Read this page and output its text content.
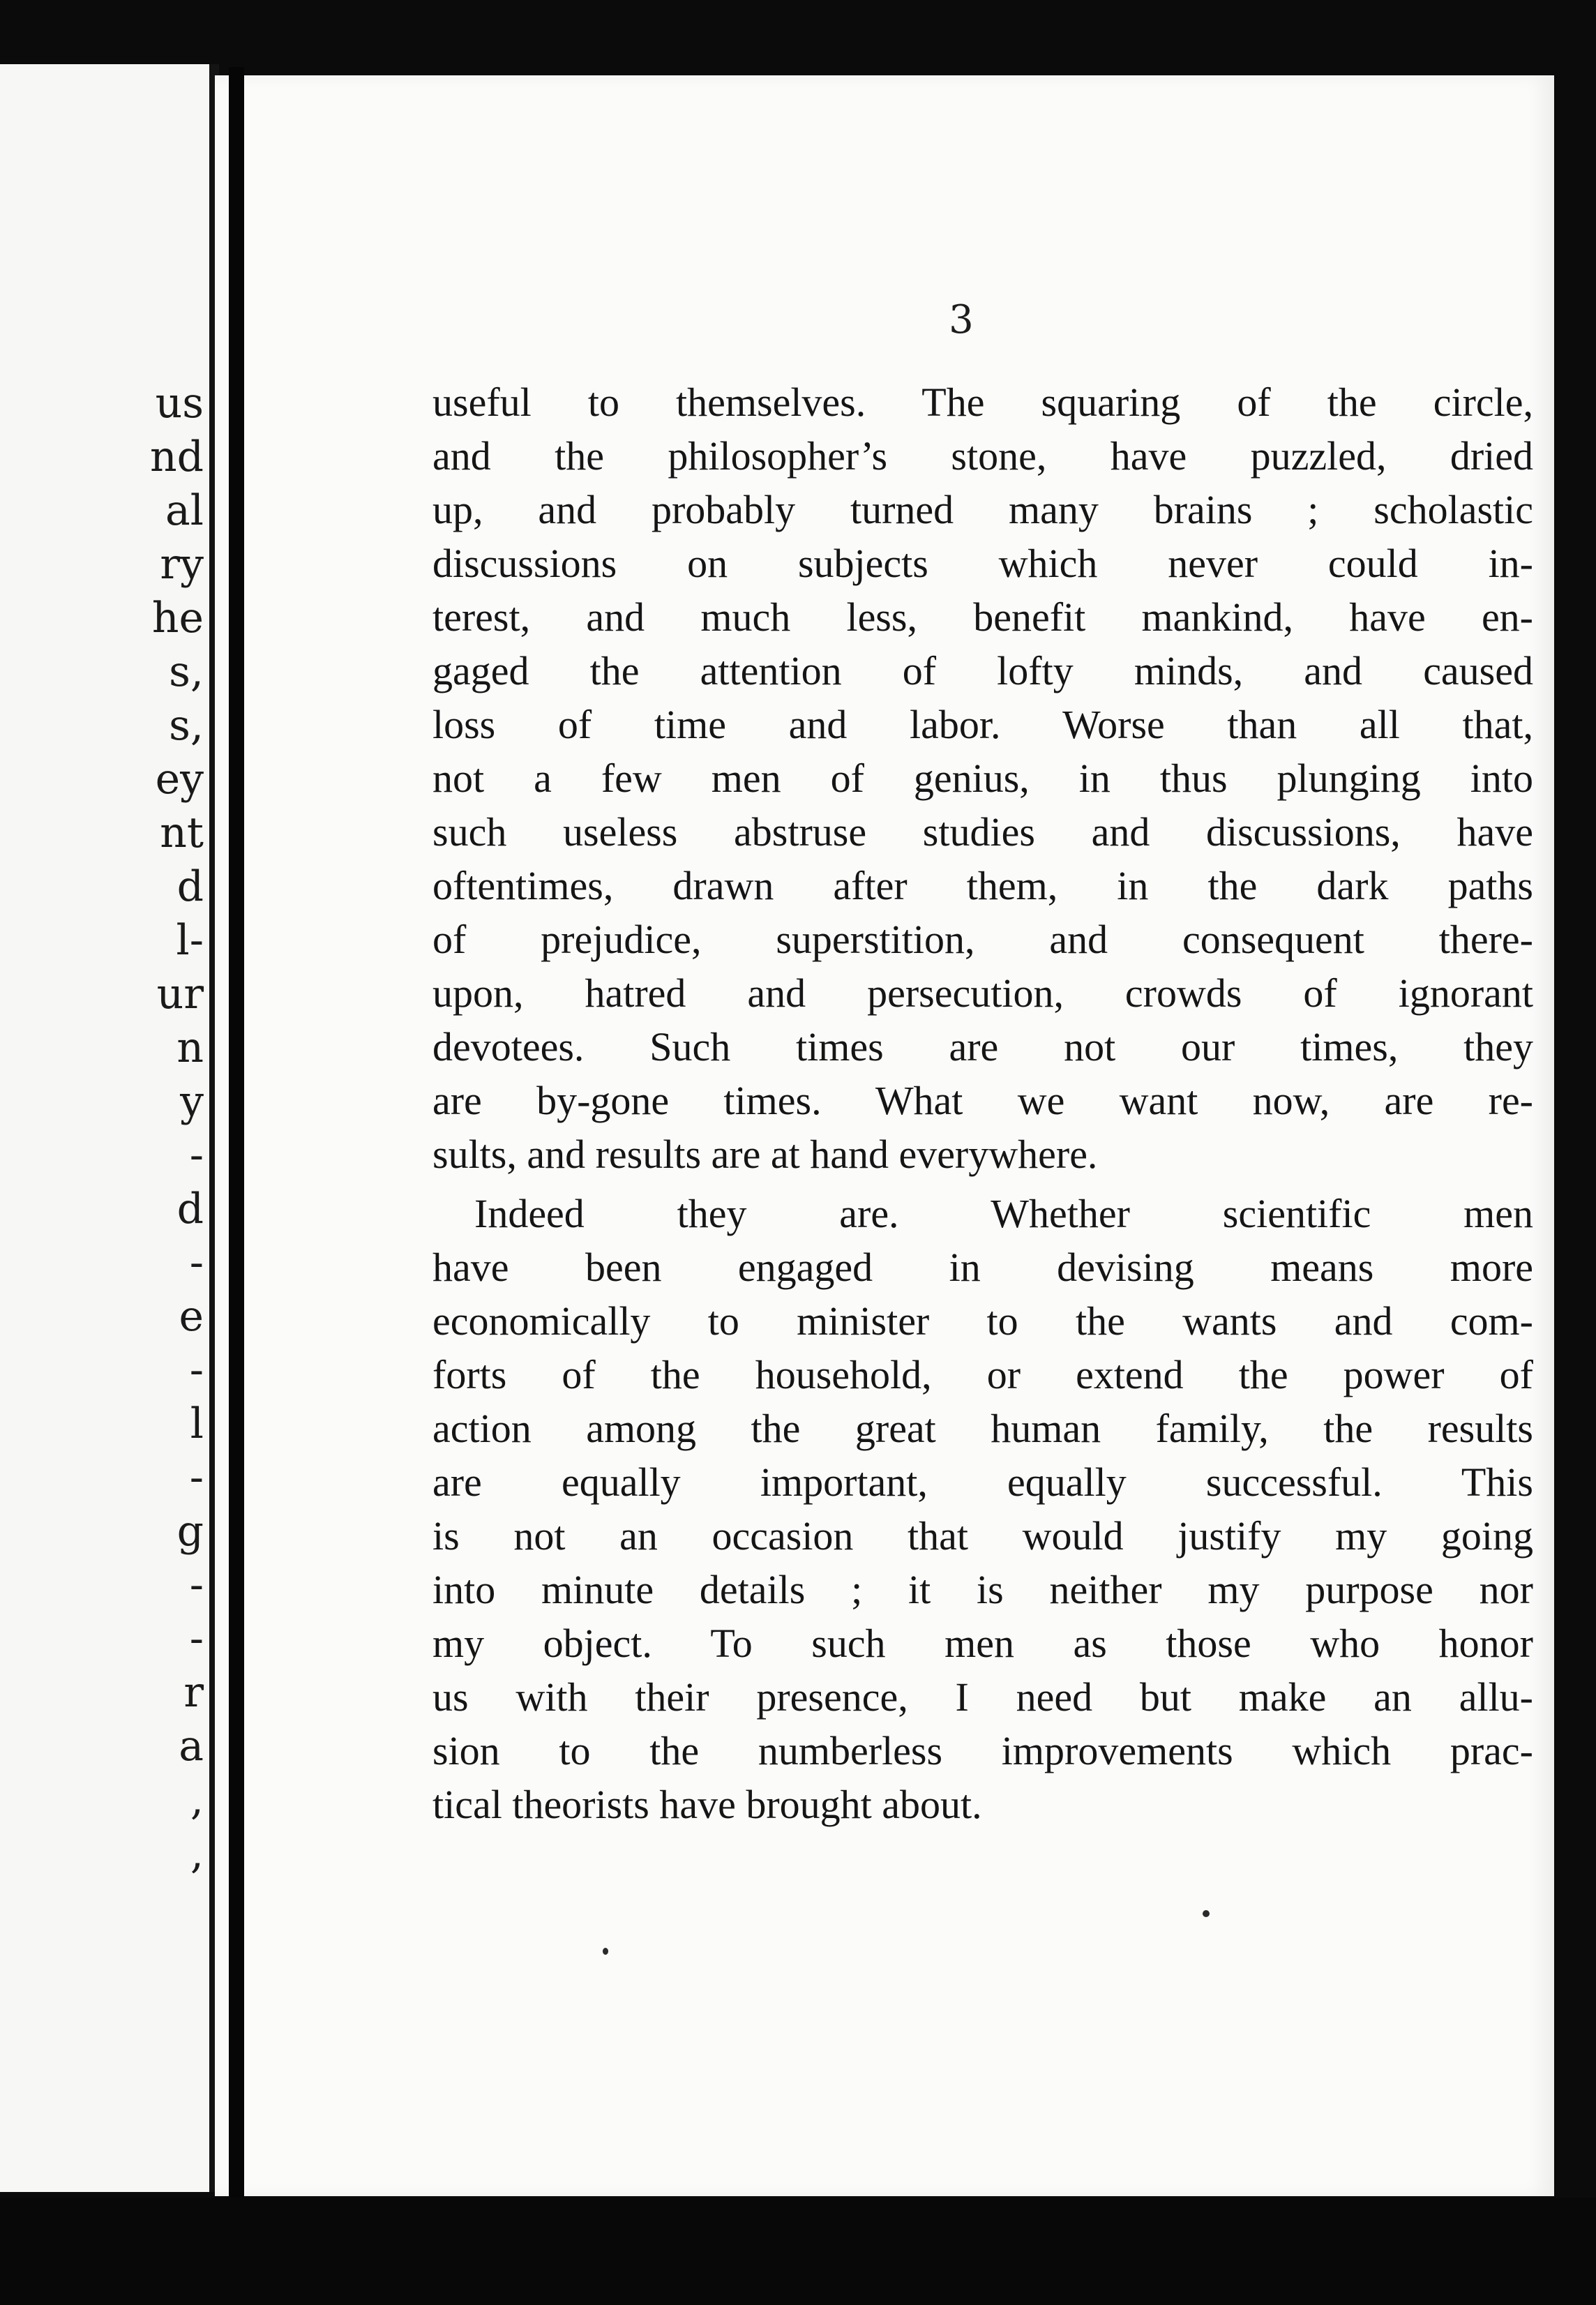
us
nd
al
ry
he
s,
s,
ey
nt
d
l-
ur
n
y
-
d
-
e
-
l
-
g
-
-
r
a
,
,
3
useful to themselves. The squaring of the circle,
and the philosopher’s stone, have puzzled, dried
up, and probably turned many brains ; scholastic
discussions on subjects which never could in-
terest, and much less, benefit mankind, have en-
gaged the attention of lofty minds, and caused
loss of time and labor. Worse than all that,
not a few men of genius, in thus plunging into
such useless abstruse studies and discussions, have
oftentimes, drawn after them, in the dark paths
of prejudice, superstition, and consequent there-
upon, hatred and persecution, crowds of ignorant
devotees. Such times are not our times, they
are by-gone times. What we want now, are re-
sults, and results are at hand everywhere.
Indeed they are. Whether scientific men
have been engaged in devising means more
economically to minister to the wants and com-
forts of the household, or extend the power of
action among the great human family, the results
are equally important, equally successful. This
is not an occasion that would justify my going
into minute details ; it is neither my purpose nor
my object. To such men as those who honor
us with their presence, I need but make an allu-
sion to the numberless improvements which prac-
tical theorists have brought about.
